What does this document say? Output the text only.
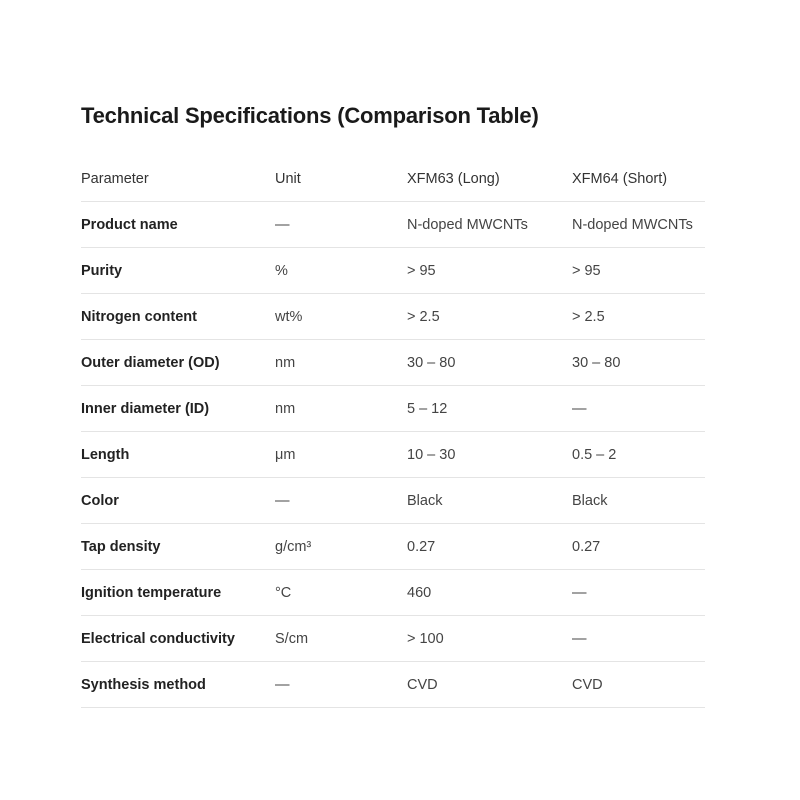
Technical Specifications (Comparison Table)
Parameter	Unit	XFM63 (Long)	XFM64 (Short)
Product name	—	N-doped MWCNTs	N-doped MWCNTs
Purity	%	> 95	> 95
Nitrogen content	wt%	> 2.5	> 2.5
Outer diameter (OD)	nm	30 – 80	30 – 80
Inner diameter (ID)	nm	5 – 12	—
Length	μm	10 – 30	0.5 – 2
Color	—	Black	Black
Tap density	g/cm³	0.27	0.27
Ignition temperature	°C	460	—
Electrical conductivity	S/cm	> 100	—
Synthesis method	—	CVD	CVD
